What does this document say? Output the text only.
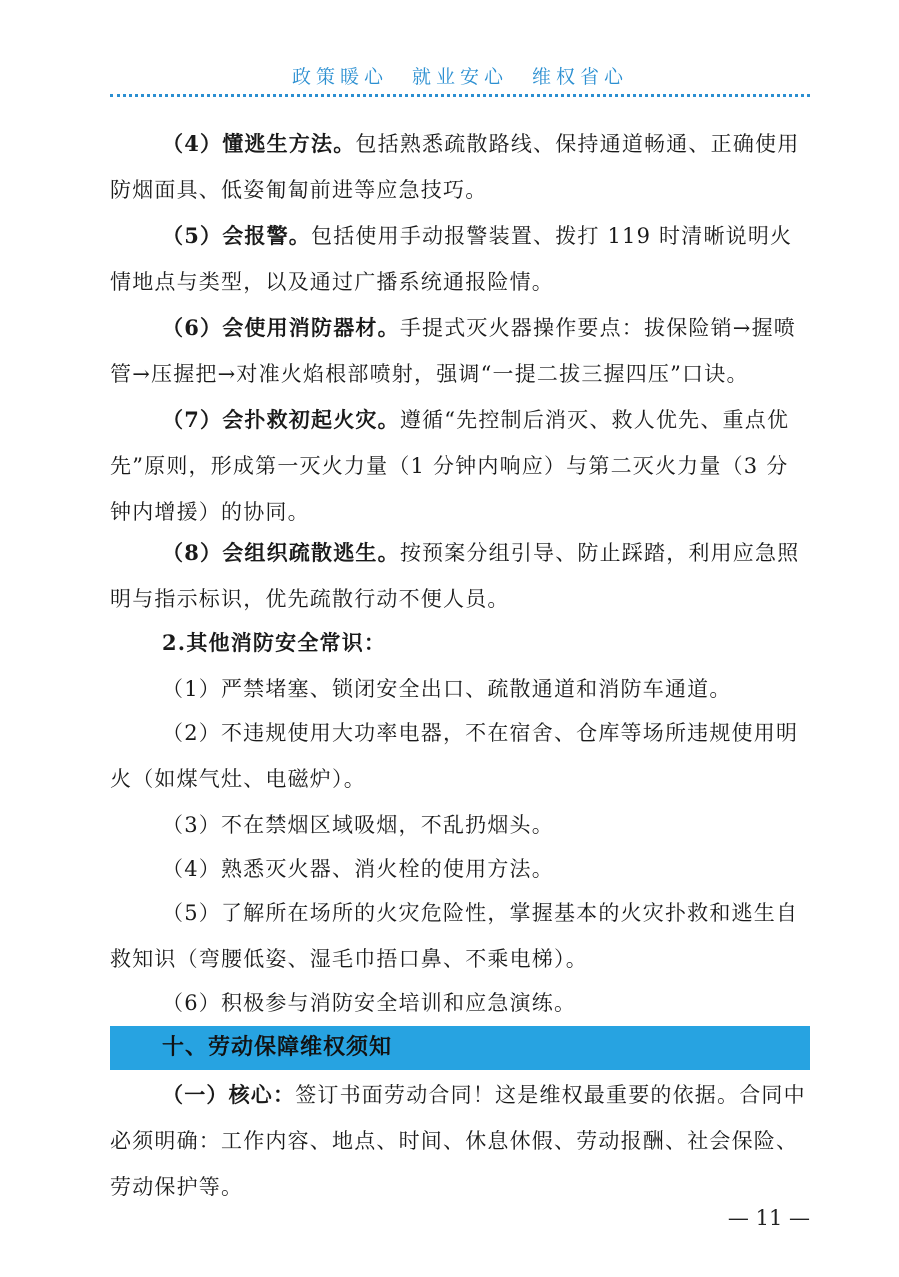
政策暖心　就业安心　维权省心

（4）懂逃生方法。包括熟悉疏散路线、保持通道畅通、正确使用防烟面具、低姿匍匐前进等应急技巧。

（5）会报警。包括使用手动报警装置、拨打 119 时清晰说明火情地点与类型，以及通过广播系统通报险情。

（6）会使用消防器材。手提式灭火器操作要点：拔保险销→握喷管→压握把→对准火焰根部喷射，强调“一提二拔三握四压”口诀。

（7）会扑救初起火灾。遵循“先控制后消灭、救人优先、重点优先”原则，形成第一灭火力量（1 分钟内响应）与第二灭火力量（3 分钟内增援）的协同。

（8）会组织疏散逃生。按预案分组引导、防止踩踏，利用应急照明与指示标识，优先疏散行动不便人员。

2.其他消防安全常识：

（1）严禁堵塞、锁闭安全出口、疏散通道和消防车通道。

（2）不违规使用大功率电器，不在宿舍、仓库等场所违规使用明火（如煤气灶、电磁炉）。

（3）不在禁烟区域吸烟，不乱扔烟头。

（4）熟悉灭火器、消火栓的使用方法。

（5）了解所在场所的火灾危险性，掌握基本的火灾扑救和逃生自救知识（弯腰低姿、湿毛巾捂口鼻、不乘电梯）。

（6）积极参与消防安全培训和应急演练。

十、劳动保障维权须知

（一）核心：签订书面劳动合同！这是维权最重要的依据。合同中必须明确：工作内容、地点、时间、休息休假、劳动报酬、社会保险、劳动保护等。

— 11 —
